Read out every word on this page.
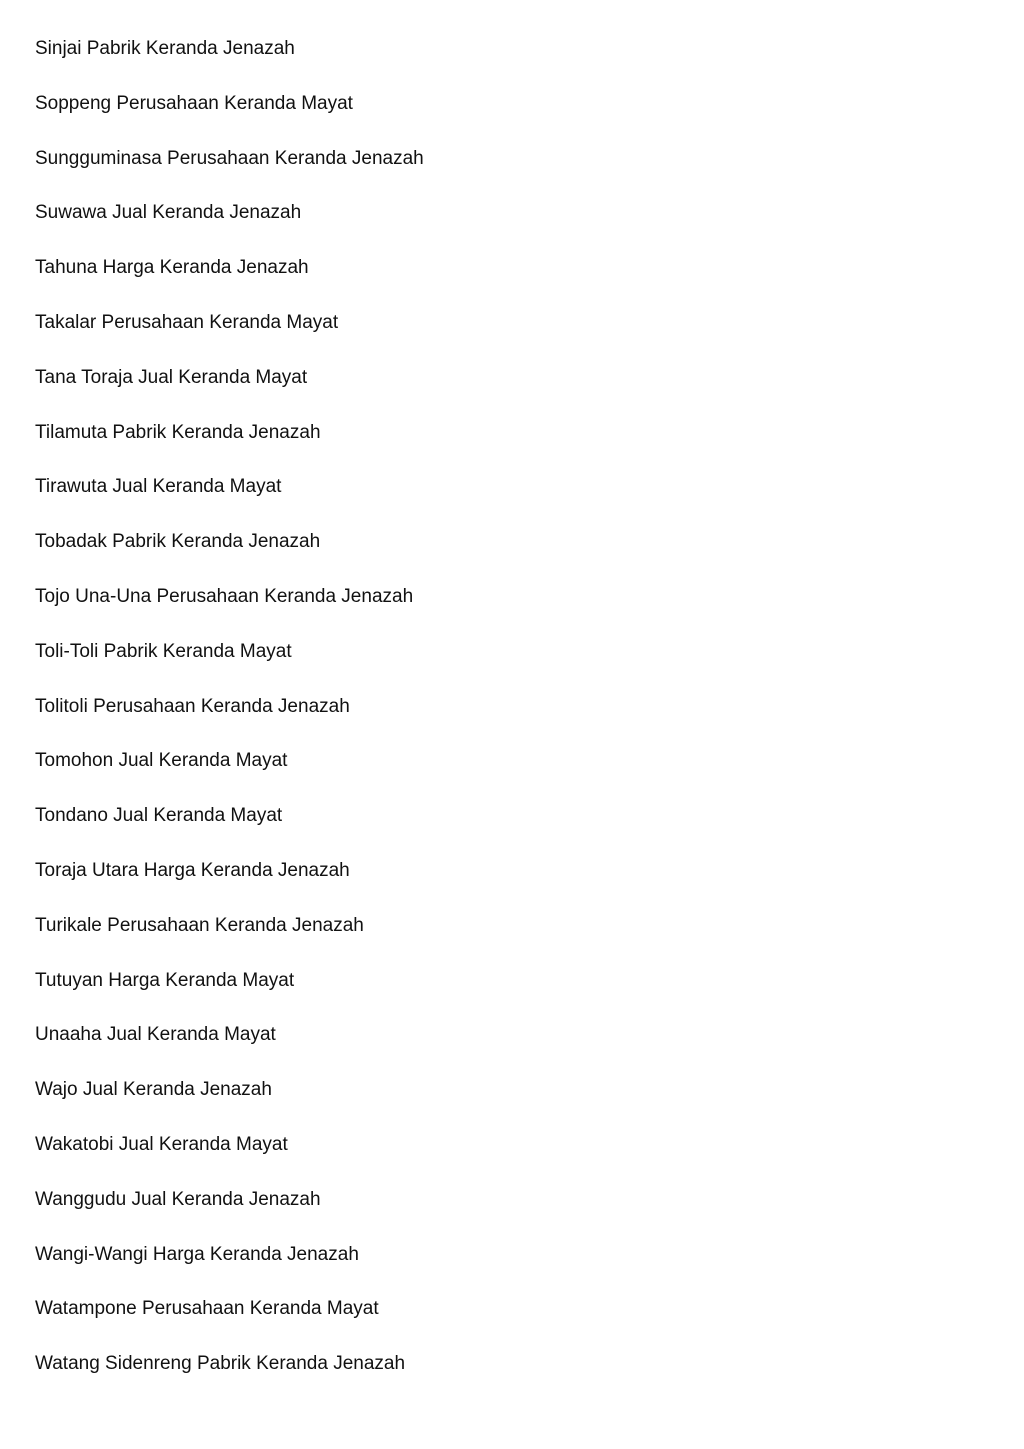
Sinjai Pabrik Keranda Jenazah
Soppeng Perusahaan Keranda Mayat
Sungguminasa Perusahaan Keranda Jenazah
Suwawa Jual Keranda Jenazah
Tahuna Harga Keranda Jenazah
Takalar Perusahaan Keranda Mayat
Tana Toraja Jual Keranda Mayat
Tilamuta Pabrik Keranda Jenazah
Tirawuta Jual Keranda Mayat
Tobadak Pabrik Keranda Jenazah
Tojo Una-Una Perusahaan Keranda Jenazah
Toli-Toli Pabrik Keranda Mayat
Tolitoli Perusahaan Keranda Jenazah
Tomohon Jual Keranda Mayat
Tondano Jual Keranda Mayat
Toraja Utara Harga Keranda Jenazah
Turikale Perusahaan Keranda Jenazah
Tutuyan Harga Keranda Mayat
Unaaha Jual Keranda Mayat
Wajo Jual Keranda Jenazah
Wakatobi Jual Keranda Mayat
Wanggudu Jual Keranda Jenazah
Wangi-Wangi Harga Keranda Jenazah
Watampone Perusahaan Keranda Mayat
Watang Sidenreng Pabrik Keranda Jenazah
